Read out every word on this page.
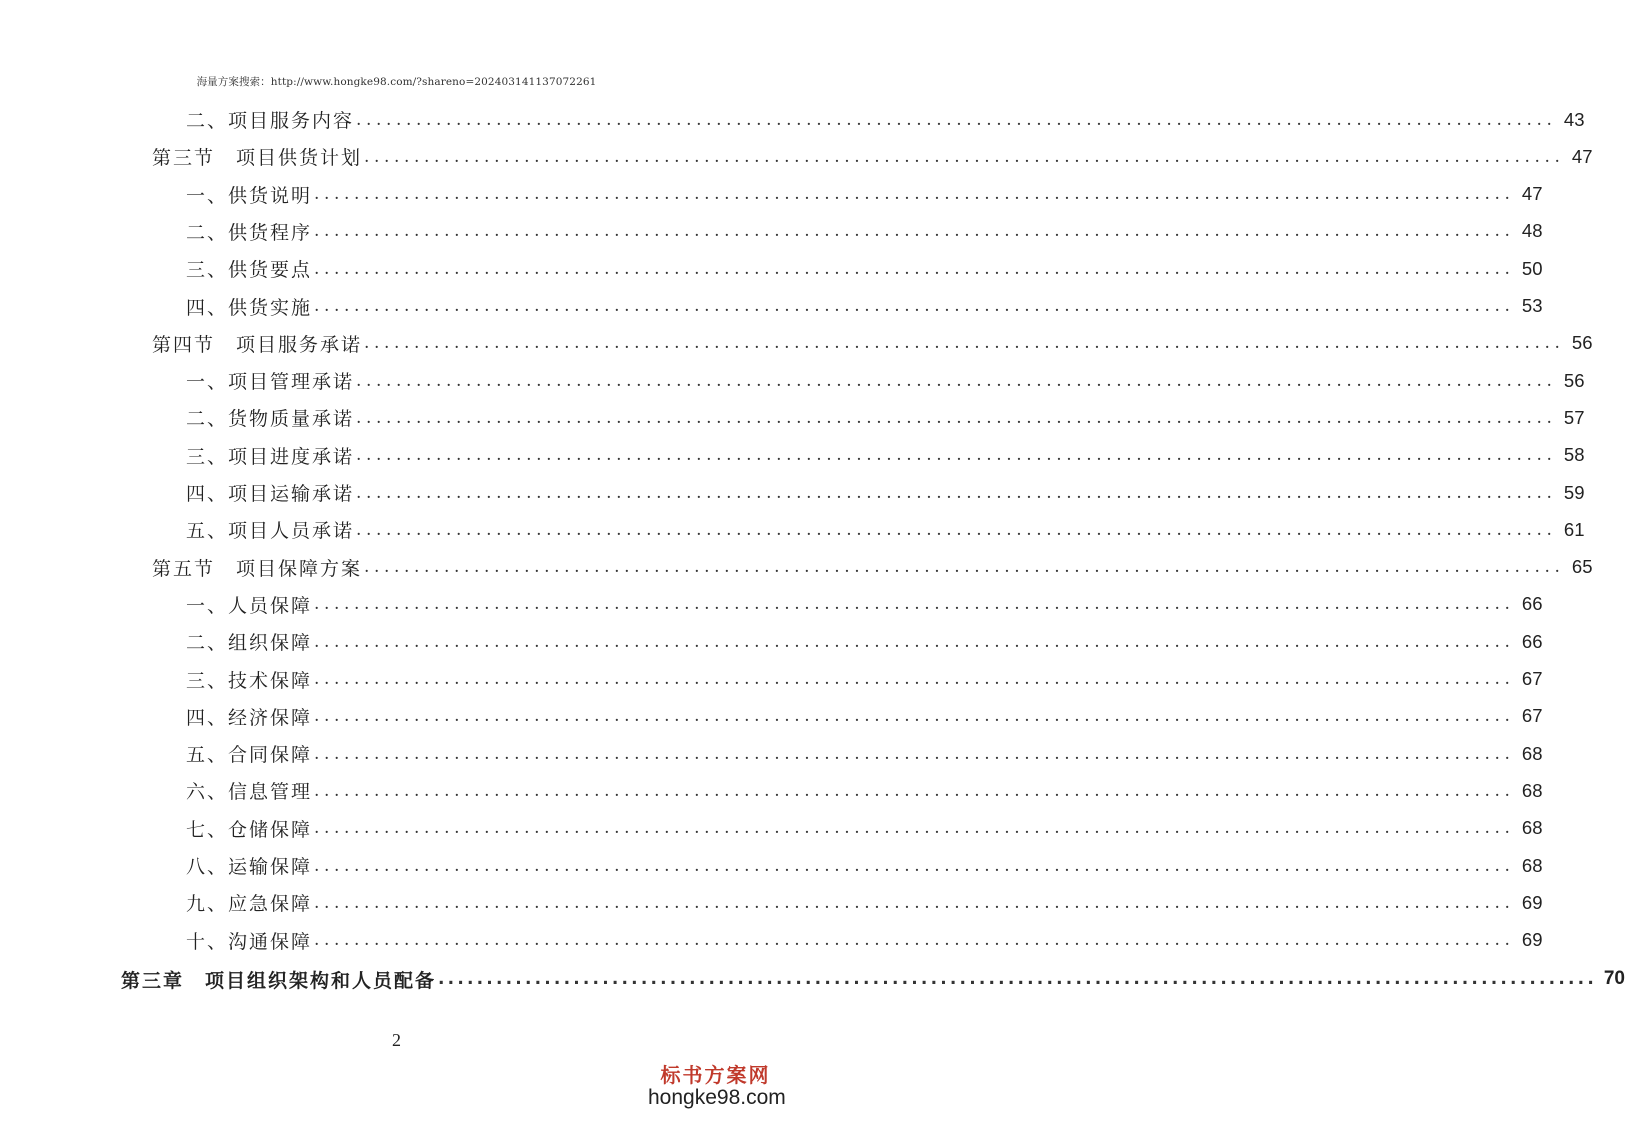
海量方案搜索：http://www.hongke98.com/?shareno=202403141137072261
二、项目服务内容 ........................................................................................................................ 43
第三节　项目供货计划 ........................................................................................................................ 47
一、供货说明 ........................................................................................................................ 47
二、供货程序 ........................................................................................................................ 48
三、供货要点 ........................................................................................................................ 50
四、供货实施 ........................................................................................................................ 53
第四节　项目服务承诺 ........................................................................................................................ 56
一、项目管理承诺 ........................................................................................................................ 56
二、货物质量承诺 ........................................................................................................................ 57
三、项目进度承诺 ........................................................................................................................ 58
四、项目运输承诺 ........................................................................................................................ 59
五、项目人员承诺 ........................................................................................................................ 61
第五节　项目保障方案 ........................................................................................................................ 65
一、人员保障 ........................................................................................................................ 66
二、组织保障 ........................................................................................................................ 66
三、技术保障 ........................................................................................................................ 67
四、经济保障 ........................................................................................................................ 67
五、合同保障 ........................................................................................................................ 68
六、信息管理 ........................................................................................................................ 68
七、仓储保障 ........................................................................................................................ 68
八、运输保障 ........................................................................................................................ 68
九、应急保障 ........................................................................................................................ 69
十、沟通保障 ........................................................................................................................ 69
第三章　项目组织架构和人员配备 ........................................................................................................................ 70
2
标书方案网
hongke98.com
